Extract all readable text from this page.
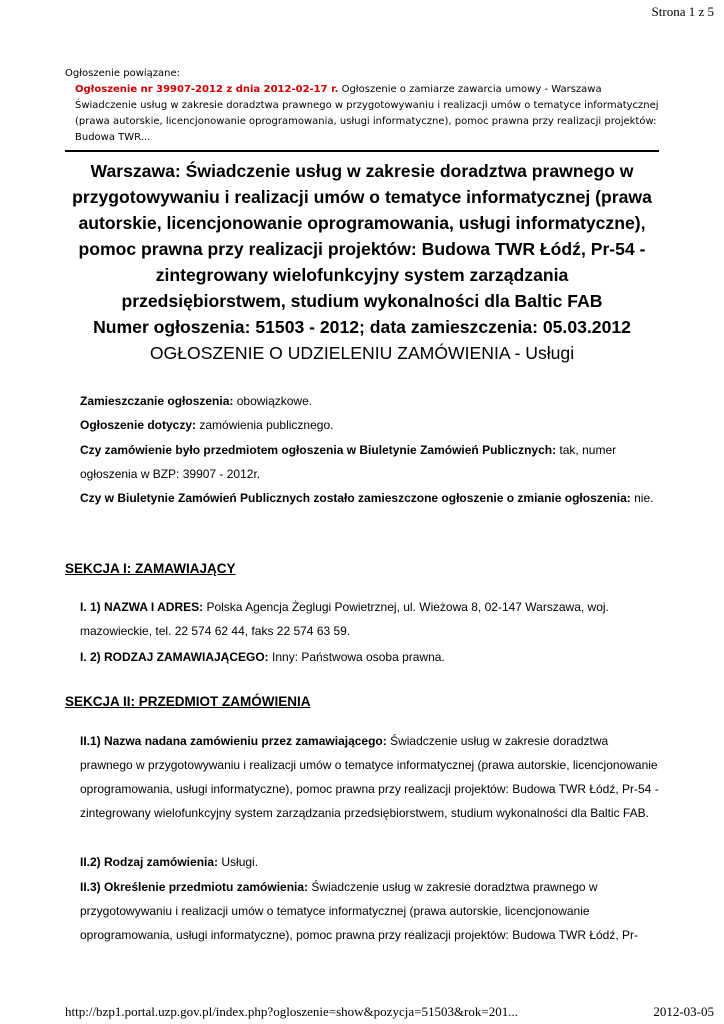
Strona 1 z 5

Ogłoszenie powiązane:

Ogłoszenie nr 39907-2012 z dnia 2012-02-17 r. Ogłoszenie o zamiarze zawarcia umowy - Warszawa Świadczenie usług w zakresie doradztwa prawnego w przygotowywaniu i realizacji umów o tematyce informatycznej (prawa autorskie, licencjonowanie oprogramowania, usługi informatyczne), pomoc prawna przy realizacji projektów: Budowa TWR...

Warszawa: Świadczenie usług w zakresie doradztwa prawnego w przygotowywaniu i realizacji umów o tematyce informatycznej (prawa autorskie, licencjonowanie oprogramowania, usługi informatyczne), pomoc prawna przy realizacji projektów: Budowa TWR Łódź, Pr-54 - zintegrowany wielofunkcyjny system zarządzania przedsiębiorstwem, studium wykonalności dla Baltic FAB
Numer ogłoszenia: 51503 - 2012; data zamieszczenia: 05.03.2012
OGŁOSZENIE O UDZIELENIU ZAMÓWIENIA - Usługi
Zamieszczanie ogłoszenia: obowiązkowe.
Ogłoszenie dotyczy: zamówienia publicznego.
Czy zamówienie było przedmiotem ogłoszenia w Biuletynie Zamówień Publicznych: tak, numer ogłoszenia w BZP: 39907 - 2012r.
Czy w Biuletynie Zamówień Publicznych zostało zamieszczone ogłoszenie o zmianie ogłoszenia: nie.
SEKCJA I: ZAMAWIAJĄCY
I. 1) NAZWA I ADRES: Polska Agencja Żeglugi Powietrznej, ul. Wieżowa 8, 02-147 Warszawa, woj. mazowieckie, tel. 22 574 62 44, faks 22 574 63 59.
I. 2) RODZAJ ZAMAWIAJĄCEGO: Inny: Państwowa osoba prawna.
SEKCJA II: PRZEDMIOT ZAMÓWIENIA
II.1) Nazwa nadana zamówieniu przez zamawiającego: Świadczenie usług w zakresie doradztwa prawnego w przygotowywaniu i realizacji umów o tematyce informatycznej (prawa autorskie, licencjonowanie oprogramowania, usługi informatyczne), pomoc prawna przy realizacji projektów: Budowa TWR Łódź, Pr-54 - zintegrowany wielofunkcyjny system zarządzania przedsiębiorstwem, studium wykonalności dla Baltic FAB.
II.2) Rodzaj zamówienia: Usługi.
II.3) Określenie przedmiotu zamówienia: Świadczenie usług w zakresie doradztwa prawnego w przygotowywaniu i realizacji umów o tematyce informatycznej (prawa autorskie, licencjonowanie oprogramowania, usługi informatyczne), pomoc prawna przy realizacji projektów: Budowa TWR Łódź, Pr-
http://bzp1.portal.uzp.gov.pl/index.php?ogloszenie=show&pozycja=51503&rok=201...	2012-03-05
